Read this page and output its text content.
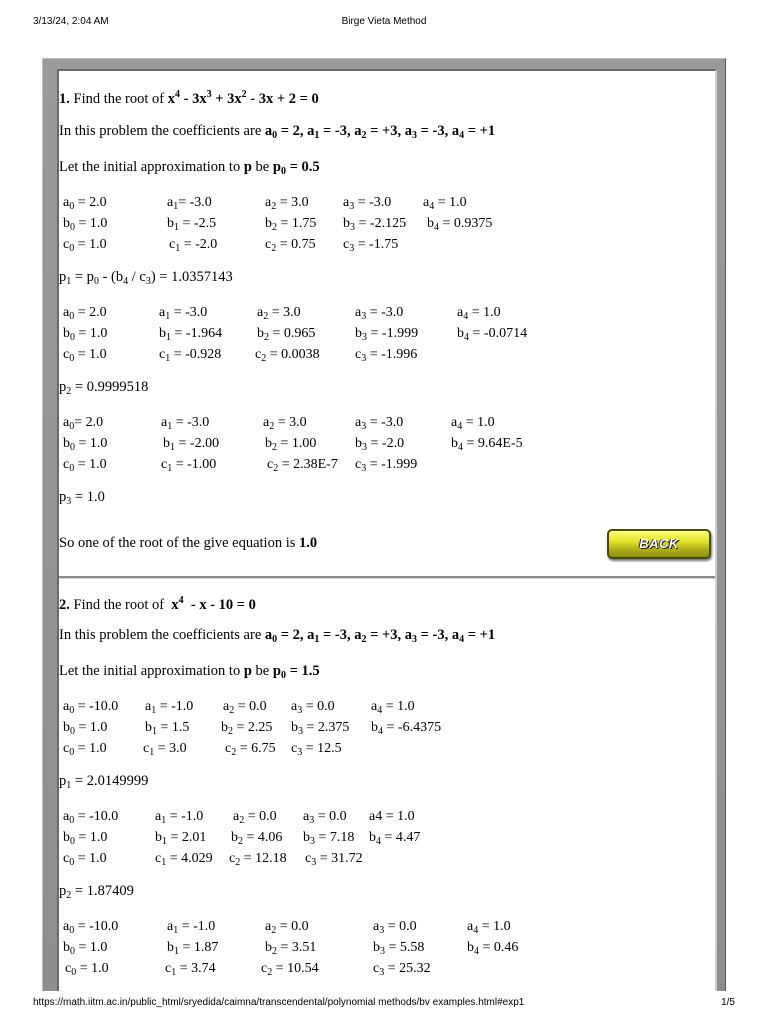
3/13/24, 2:04 AM	Birge Vieta Method
1. Find the root of $x^4 - 3x^3 + 3x^2 - 3x + 2 = 0$
In this problem the coefficients are $a_0 = 2$, $a_1 = -3$, $a_2 = +3$, $a_3 = -3$, $a_4 = +1$
Let the initial approximation to p be $p_0 = 0.5$
$a_0 = 2.0$	$a_1= -3.0$	$a_2 = 3.0$ $a_3 = -3.0$ $a_4 = 1.0$
$b_0 = 1.0$	$b_1 = -2.5$	$b_2 = 1.75$ $b_3 = -2.125$ $b_4 = 0.9375$
$c_0 = 1.0$	$c_1 = -2.0$	$c_2 = 0.75$ $c_3 = -1.75$
$p_1 = p_0 - (b_4 / c_3) = 1.0357143$
$a_0 = 2.0$	$a_1 = -3.0$	$a_2 = 3.0$	$a_3 = -3.0$	$a_4 = 1.0$
$b_0 = 1.0$	$b_1 = -1.964$ $b_2 = 0.965$	$b_3 = -1.999$	$b_4 = -0.0714$
$c_0 = 1.0$	$c_1 = -0.928$ $c_2 = 0.0038$	$c_3 = -1.996$
$p_2 = 0.9999518$
$a_0= 2.0$	$a_1 = -3.0$	$a_2 = 3.0$	$a_3 = -3.0$	$a_4 = 1.0$
$b_0 = 1.0$	$b_1 = -2.00$	$b_2 = 1.00$	$b_3 = -2.0$	$b_4 = 9.64E-5$
$c_0 = 1.0$	$c_1 = -1.00$	$c_2 = 2.38E-7$ $c_3 = -1.999$
$p_3 = 1.0$
So one of the root of the give equation is 1.0	BACK
2. Find the root of $x^4 - x - 10 = 0$
In this problem the coefficients are $a_0 = 2$, $a_1 = -3$, $a_2 = +3$, $a_3 = -3$, $a_4 = +1$
Let the initial approximation to p be $p_0 = 1.5$
$a_0 = -10.0$ $a_1 = -1.0$ $a_2 = 0.0$ $a_3 = 0.0$	$a_4 = 1.0$
$b_0 = 1.0$	$b_1 = 1.5$ $b_2 = 2.25$ $b_3 = 2.375$ $b_4 = -6.4375$
$c_0 = 1.0$	$c_1 = 3.0$	$c_2 = 6.75$ $c_3 = 12.5$
$p_1 = 2.0149999$
$a_0 = -10.0$	$a_1 = -1.0$ $a_2 = 0.0$ $a_3 = 0.0$ a4 = 1.0
$b_0 = 1.0$	$b_1 = 2.01$ $b_2 = 4.06$ $b_3 = 7.18$ $b_4 = 4.47$
$c_0 = 1.0$	$c_1 = 4.029$ $c_2 = 12.18$ $c_3 = 31.72$
$p_2 = 1.87409$
$a_0 = -10.0$	$a_1 = -1.0$	$a_2 = 0.0$	$a_3 = 0.0$	$a_4 = 1.0$
$b_0 = 1.0$	$b_1 = 1.87$	$b_2 = 3.51$	$b_3 = 5.58$	$b_4 = 0.46$
$c_0 = 1.0$	$c_1 = 3.74$	$c_2 = 10.54$	$c_3 = 25.32$
https://math.iitm.ac.in/public_html/sryedida/caimna/transcendental/polynomial methods/bv examples.html#exp1	1/5
